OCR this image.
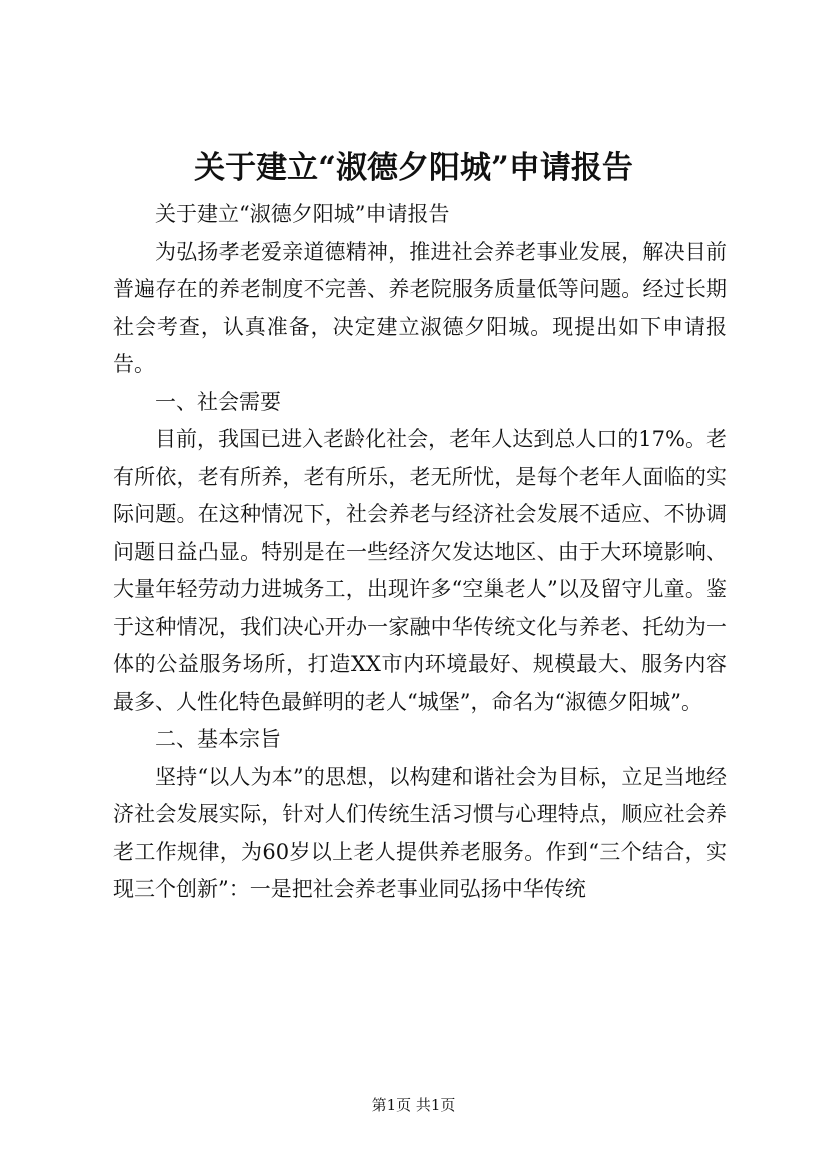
关于建立“淑德夕阳城”申请报告

关于建立“淑德夕阳城”申请报告

为弘扬孝老爱亲道德精神，推进社会养老事业发展，解决目前普遍存在的养老制度不完善、养老院服务质量低等问题。经过长期社会考查，认真准备，决定建立淑德夕阳城。现提出如下申请报告。

一、社会需要

目前，我国已进入老龄化社会，老年人达到总人口的17%。老有所依，老有所养，老有所乐，老无所忧，是每个老年人面临的实际问题。在这种情况下，社会养老与经济社会发展不适应、不协调问题日益凸显。特别是在一些经济欠发达地区、由于大环境影响、大量年轻劳动力进城务工，出现许多“空巢老人”以及留守儿童。鉴于这种情况，我们决心开办一家融中华传统文化与养老、托幼为一体的公益服务场所，打造XX市内环境最好、规模最大、服务内容最多、人性化特色最鲜明的老人“城堡”，命名为“淑德夕阳城”。

二、基本宗旨

坚持“以人为本”的思想，以构建和谐社会为目标，立足当地经济社会发展实际，针对人们传统生活习惯与心理特点，顺应社会养老工作规律，为60岁以上老人提供养老服务。作到“三个结合，实现三个创新”：一是把社会养老事业同弘扬中华传统

第1页 共1页
